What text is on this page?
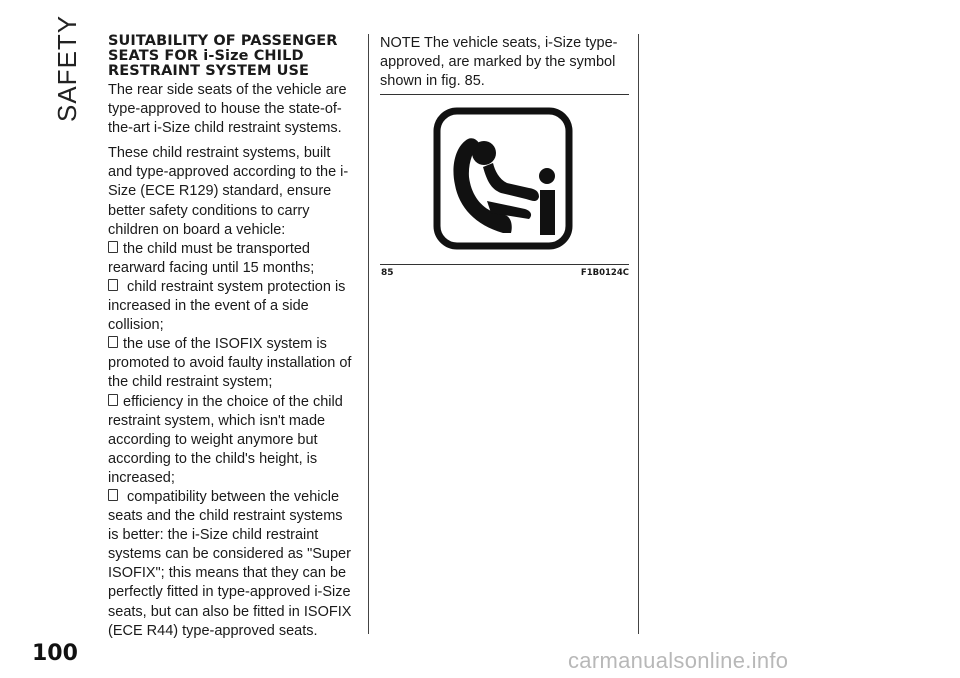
SAFETY SUITABILITY OF PASSENGER SEATS FOR i-Size CHILD RESTRAINT SYSTEM USE

The rear side seats of the vehicle are type-approved to house the state-of-the-art i-Size child restraint systems.

These child restraint systems, built and type-approved according to the i-Size (ECE R129) standard, ensure better safety conditions to carry children on board a vehicle:

the child must be transported rearward facing until 15 months;

child restraint system protection is increased in the event of a side collision;

the use of the ISOFIX system is promoted to avoid faulty installation of the child restraint system;

efficiency in the choice of the child restraint system, which isn't made according to weight anymore but according to the child's height, is increased;

compatibility between the vehicle seats and the child restraint systems is better: the i-Size child restraint systems can be considered as "Super ISOFIX"; this means that they can be perfectly fitted in type-approved i-Size seats, but can also be fitted in ISOFIX (ECE R44) type-approved seats.

NOTE The vehicle seats, i-Size type-approved, are marked by the symbol shown in fig. 85.

85	F1B0124C
100	carmanualsonline.info
